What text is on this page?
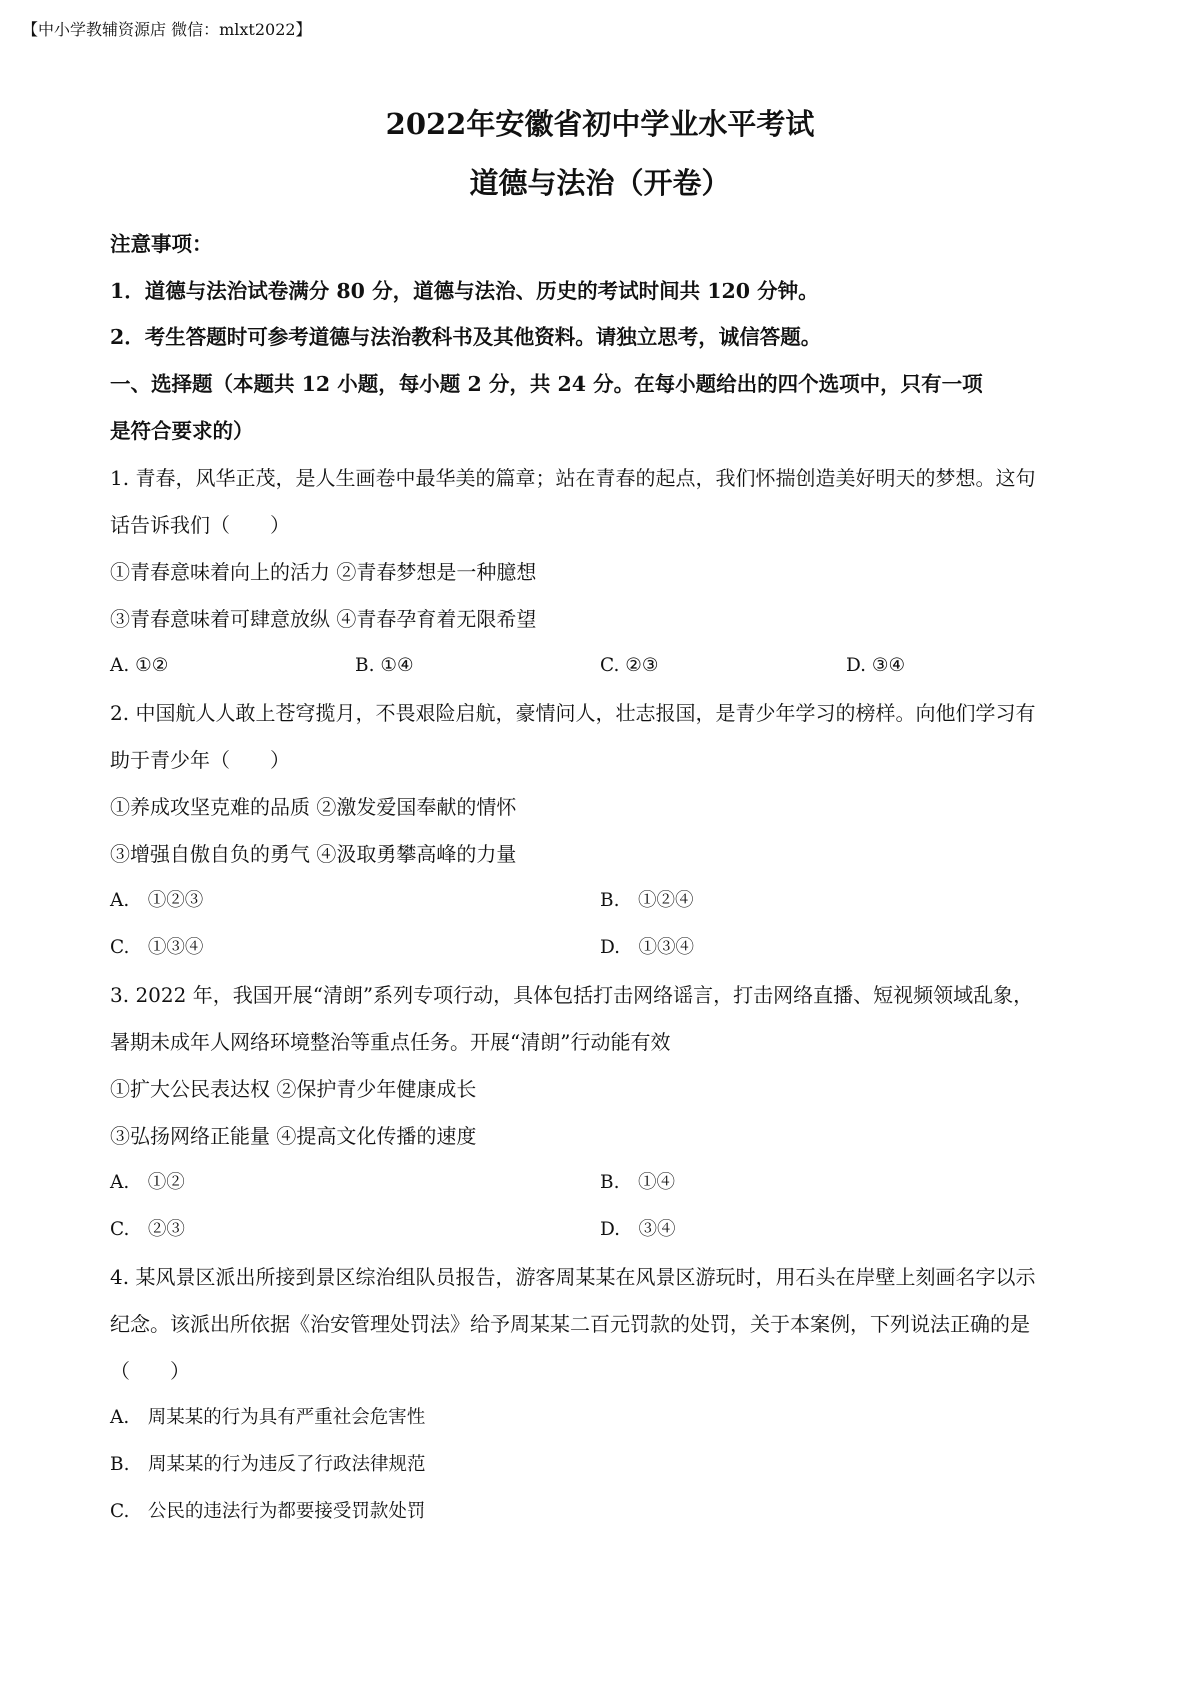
【中小学教辅资源店 微信：mlxt2022】
2022年安徽省初中学业水平考试
道德与法治（开卷）
注意事项：
1．道德与法治试卷满分 80 分，道德与法治、历史的考试时间共 120 分钟。
2．考生答题时可参考道德与法治教科书及其他资料。请独立思考，诚信答题。
一、选择题（本题共 12 小题，每小题 2 分，共 24 分。在每小题给出的四个选项中，只有一项
是符合要求的）
1. 青春，风华正茂，是人生画卷中最华美的篇章；站在青春的起点，我们怀揣创造美好明天的梦想。这句
话告诉我们（　　）
①青春意味着向上的活力 ②青春梦想是一种臆想
③青春意味着可肆意放纵 ④青春孕育着无限希望
A. ①②	B. ①④	C. ②③	D. ③④
2. 中国航人人敢上苍穹揽月，不畏艰险启航，豪情问人，壮志报国，是青少年学习的榜样。向他们学习有
助于青少年（　　）
①养成攻坚克难的品质 ②激发爱国奉献的情怀
③增强自傲自负的勇气 ④汲取勇攀高峰的力量
A.　①②③	B.　①②④
C.　①③④	D.　①③④
3. 2022 年，我国开展“清朗”系列专项行动，具体包括打击网络谣言，打击网络直播、短视频领域乱象，
暑期未成年人网络环境整治等重点任务。开展“清朗”行动能有效
①扩大公民表达权 ②保护青少年健康成长
③弘扬网络正能量 ④提高文化传播的速度
A.　①②	B.　①④
C.　②③	D.　③④
4. 某风景区派出所接到景区综治组队员报告，游客周某某在风景区游玩时，用石头在岸壁上刻画名字以示
纪念。该派出所依据《治安管理处罚法》给予周某某二百元罚款的处罚，关于本案例，下列说法正确的是
（　　）
A.　周某某的行为具有严重社会危害性
B.　周某某的行为违反了行政法律规范
C.　公民的违法行为都要接受罚款处罚
